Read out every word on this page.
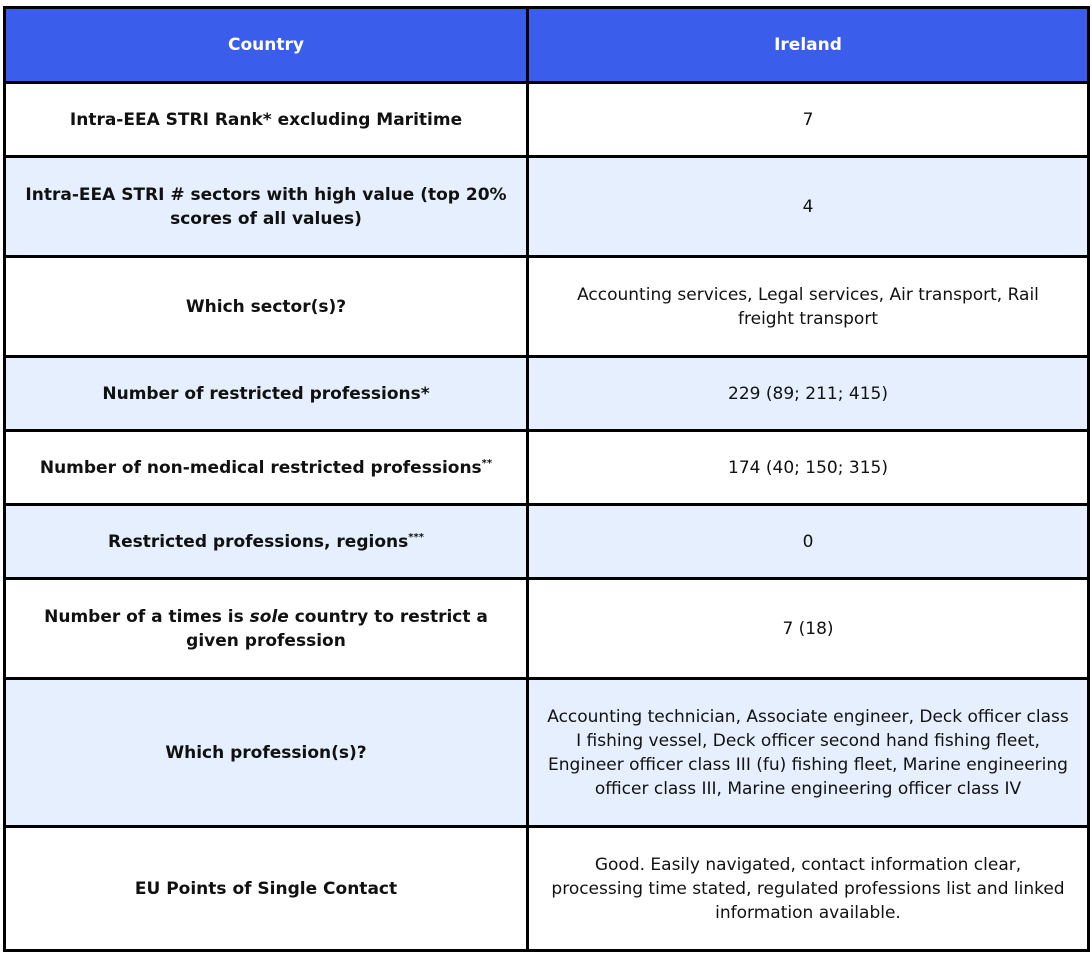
Country	Ireland
Intra-EEA STRI Rank* excluding Maritime	7
Intra-EEA STRI # sectors with high value (top 20% scores of all values)	4
Which sector(s)?	Accounting services, Legal services, Air transport, Rail freight transport
Number of restricted professions*	229 (89; 211; 415)
Number of non-medical restricted professions**	174 (40; 150; 315)
Restricted professions, regions***	0
Number of a times is sole country to restrict a given profession	7 (18)
Which profession(s)?	Accounting technician, Associate engineer, Deck officer class I fishing vessel, Deck officer second hand fishing fleet, Engineer officer class III (fu) fishing fleet, Marine engineering officer class III, Marine engineering officer class IV
EU Points of Single Contact	Good. Easily navigated, contact information clear, processing time stated, regulated professions list and linked information available.
